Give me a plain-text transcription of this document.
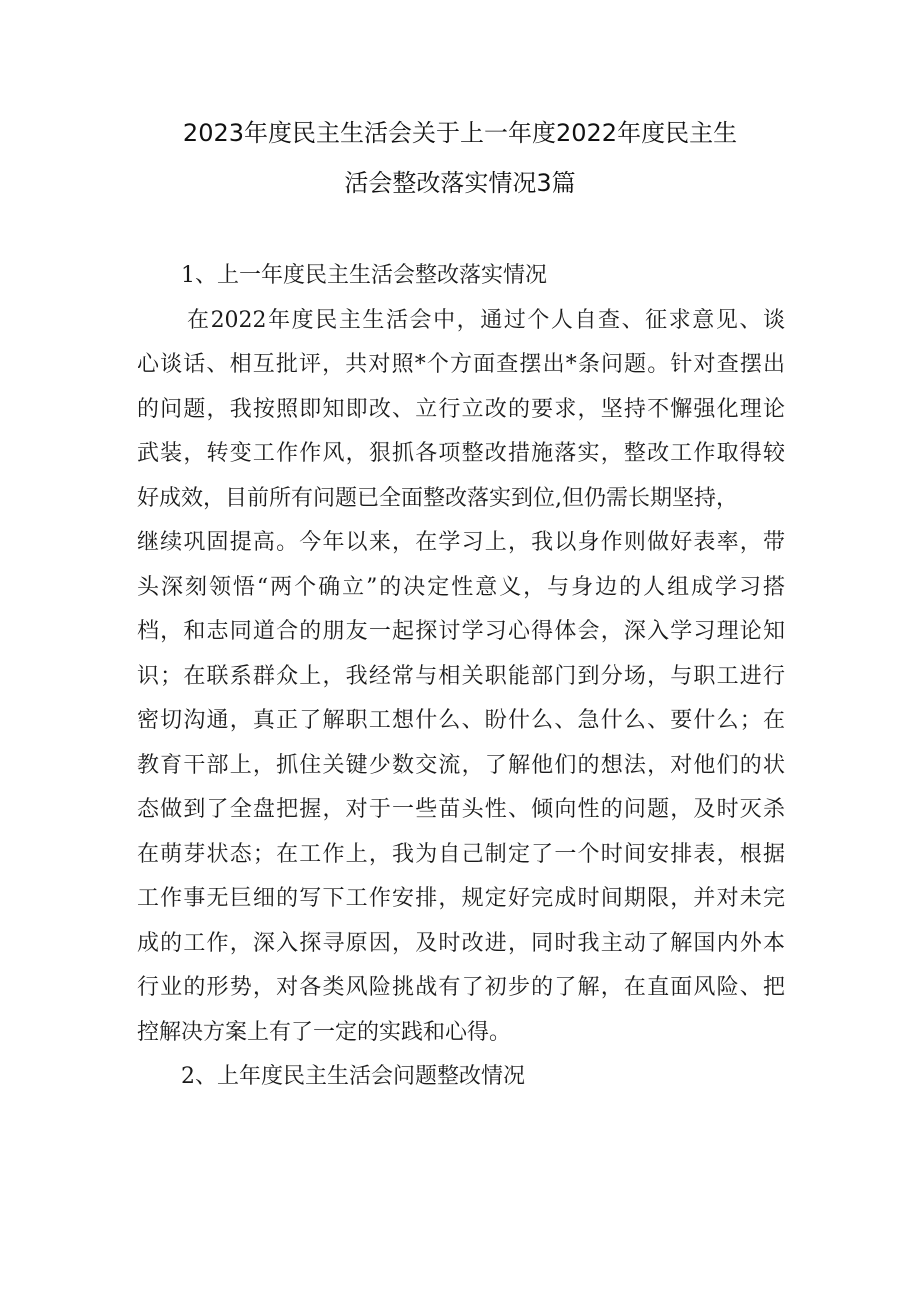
2023年度民主生活会关于上一年度2022年度民主生
活会整改落实情况3篇
1、上一年度民主生活会整改落实情况
在2022年度民主生活会中，通过个人自查、征求意见、谈
心谈话、相互批评，共对照*个方面查摆出*条问题。针对查摆出
的问题，我按照即知即改、立行立改的要求，坚持不懈强化理论
武装，转变工作作风，狠抓各项整改措施落实，整改工作取得较
好成效，目前所有问题已全面整改落实到位,但仍需长期坚持，
继续巩固提高。今年以来，在学习上，我以身作则做好表率，带
头深刻领悟“两个确立”的决定性意义，与身边的人组成学习搭
档，和志同道合的朋友一起探讨学习心得体会，深入学习理论知
识；在联系群众上，我经常与相关职能部门到分场，与职工进行
密切沟通，真正了解职工想什么、盼什么、急什么、要什么；在
教育干部上，抓住关键少数交流，了解他们的想法，对他们的状
态做到了全盘把握，对于一些苗头性、倾向性的问题，及时灭杀
在萌芽状态；在工作上，我为自己制定了一个时间安排表，根据
工作事无巨细的写下工作安排，规定好完成时间期限，并对未完
成的工作，深入探寻原因，及时改进，同时我主动了解国内外本
行业的形势，对各类风险挑战有了初步的了解，在直面风险、把
控解决方案上有了一定的实践和心得。
2、上年度民主生活会问题整改情况
